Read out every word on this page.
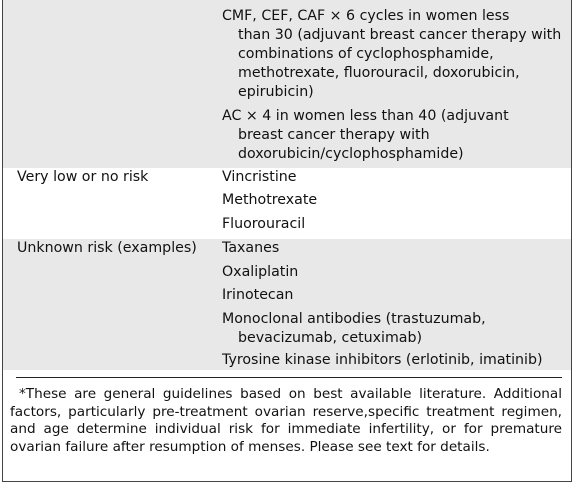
CMF, CEF, CAF × 6 cycles in women less
than 30 (adjuvant breast cancer therapy with
combinations of cyclophosphamide,
methotrexate, fluorouracil, doxorubicin,
epirubicin)
AC × 4 in women less than 40 (adjuvant
breast cancer therapy with
doxorubicin/cyclophosphamide)
Very low or no risk	Vincristine
Methotrexate
Fluorouracil
Unknown risk (examples) Taxanes
Oxaliplatin
Irinotecan
Monoclonal antibodies (trastuzumab,
bevacizumab, cetuximab)
Tyrosine kinase inhibitors (erlotinib, imatinib)
*These are general guidelines based on best available literature. Additional
factors, particularly pre-treatment ovarian reserve,specific treatment regimen,
and age determine individual risk for immediate infertility, or for premature
ovarian failure after resumption of menses. Please see text for details.
